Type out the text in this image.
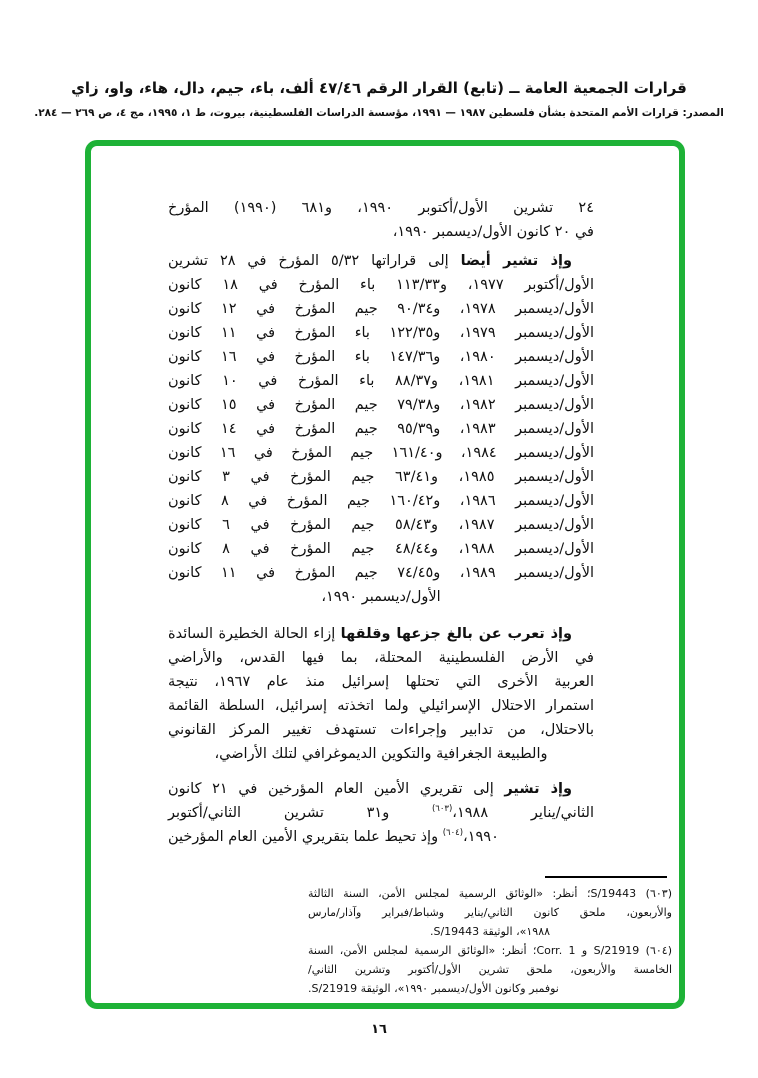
قرارات الجمعية العامة ــ (تابع) القرار الرقم ٤٧/٤٦ ألف، باء، جيم، دال، هاء، واو، زاي
المصدر: قرارات الأمم المتحدة بشأن فلسطين ١٩٨٧ — ١٩٩١، مؤسسة الدراسات الفلسطينية، بيروت، ط ١، ١٩٩٥، مج ٤، ص ٢٦٩ — ٢٨٤.
٢٤ تشرين الأول/أكتوبر ١٩٩٠، و٦٨١ (١٩٩٠) المؤرخ
في ٢٠ كانون الأول/ديسمبر ١٩٩٠،
وإذ تشير أيضا إلى قراراتها ٥/٣٢ المؤرخ في ٢٨ تشرين
الأول/أكتوبر ١٩٧٧، و١١٣/٣٣ باء المؤرخ في ١٨ كانون
الأول/ديسمبر ١٩٧٨، و٩٠/٣٤ جيم المؤرخ في ١٢ كانون
الأول/ديسمبر ١٩٧٩، و١٢٢/٣٥ باء المؤرخ في ١١ كانون
الأول/ديسمبر ١٩٨٠، و١٤٧/٣٦ باء المؤرخ في ١٦ كانون
الأول/ديسمبر ١٩٨١، و٨٨/٣٧ باء المؤرخ في ١٠ كانون
الأول/ديسمبر ١٩٨٢، و٧٩/٣٨ جيم المؤرخ في ١٥ كانون
الأول/ديسمبر ١٩٨٣، و٩٥/٣٩ جيم المؤرخ في ١٤ كانون
الأول/ديسمبر ١٩٨٤، و١٦١/٤٠ جيم المؤرخ في ١٦ كانون
الأول/ديسمبر ١٩٨٥، و٦٣/٤١ جيم المؤرخ في ٣ كانون
الأول/ديسمبر ١٩٨٦، و١٦٠/٤٢ جيم المؤرخ في ٨ كانون
الأول/ديسمبر ١٩٨٧، و٥٨/٤٣ جيم المؤرخ في ٦ كانون
الأول/ديسمبر ١٩٨٨، و٤٨/٤٤ جيم المؤرخ في ٨ كانون
الأول/ديسمبر ١٩٨٩، و٧٤/٤٥ جيم المؤرخ في ١١ كانون
الأول/ديسمبر ١٩٩٠،
وإذ تعرب عن بالغ جزعها وقلقها إزاء الحالة الخطيرة السائدة
في الأرض الفلسطينية المحتلة، بما فيها القدس، والأراضي
العربية الأخرى التي تحتلها إسرائيل منذ عام ١٩٦٧، نتيجة
استمرار الاحتلال الإسرائيلي ولما اتخذته إسرائيل، السلطة القائمة
بالاحتلال، من تدابير وإجراءات تستهدف تغيير المركز القانوني
والطبيعة الجغرافية والتكوين الديموغرافي لتلك الأراضي،
وإذ تشير إلى تقريري الأمين العام المؤرخين في ٢١ كانون
الثاني/يناير ١٩٨٨،$^{(٦٠٣)}$ و٣١ تشرين الثاني/أكتوبر
١٩٩٠،$^{(٦٠٤)}$ وإذ تحيط علما بتقريري الأمين العام المؤرخين
(٦٠٣) S/19443؛ أنظر: «الوثائق الرسمية لمجلس الأمن، السنة الثالثة
والأربعون، ملحق كانون الثاني/يناير وشباط/فبراير وآذار/مارس
١٩٨٨»، الوثيقة S/19443.
(٦٠٤) S/21919 و Corr. 1؛ أنظر: «الوثائق الرسمية لمجلس الأمن، السنة
الخامسة والأربعون، ملحق تشرين الأول/أكتوبر وتشرين الثاني/
نوفمبر وكانون الأول/ديسمبر ١٩٩٠»، الوثيقة S/21919.
١٦
